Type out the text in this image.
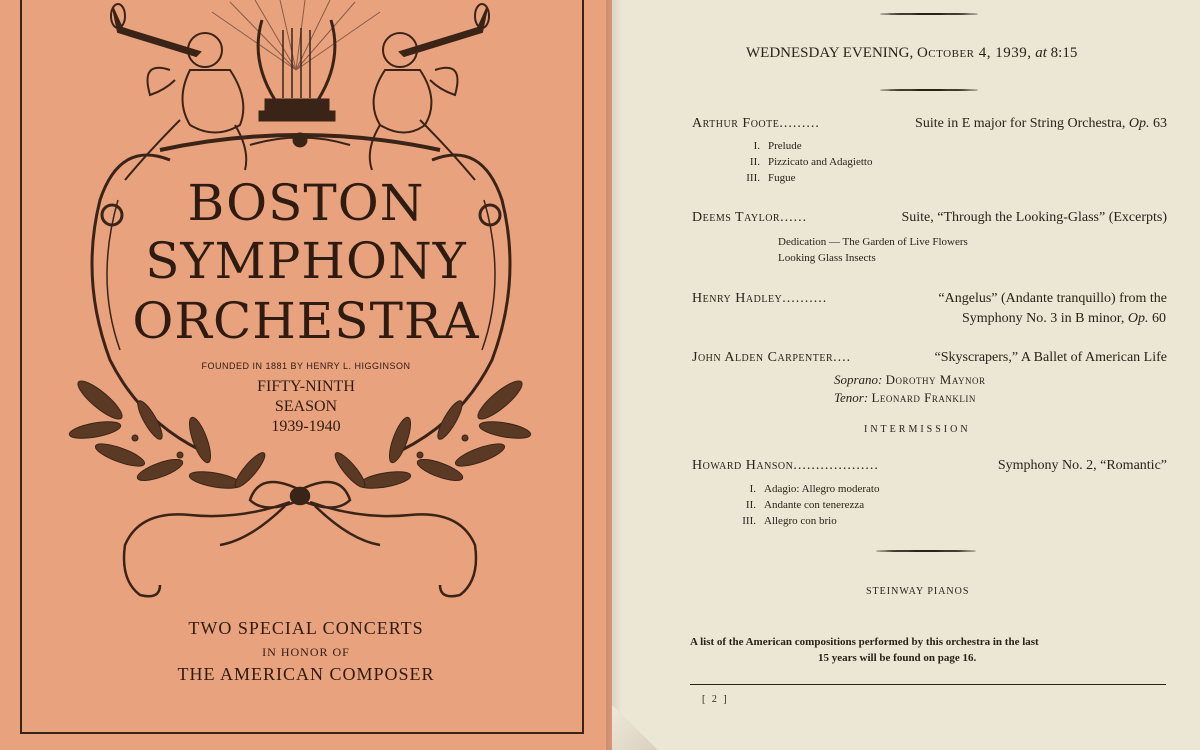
BOSTON
SYMPHONY
ORCHESTRA
FOUNDED IN 1881 BY HENRY L. HIGGINSON
FIFTY-NINTH
SEASON
1939-1940
TWO SPECIAL CONCERTS
IN HONOR OF
THE AMERICAN COMPOSER
WEDNESDAY EVENING, October 4, 1939, at 8:15
Arthur Foote .........	Suite in E major for String Orchestra, Op. 63
I. Prelude
II. Pizzicato and Adagietto
III. Fugue
Deems Taylor ......	Suite, “Through the Looking-Glass” (Excerpts)
Dedication — The Garden of Live Flowers
Looking Glass Insects
Henry Hadley ..........	“Angelus” (Andante tranquillo) from the
Symphony No. 3 in B minor, Op. 60
John Alden Carpenter ....	“Skyscrapers,” A Ballet of American Life
Soprano: Dorothy Maynor
Tenor: Leonard Franklin
INTERMISSION
Howard Hanson ...................	Symphony No. 2, “Romantic”
I. Adagio: Allegro moderato
II. Andante con tenerezza
III. Allegro con brio
STEINWAY PIANOS
A list of the American compositions performed by this orchestra in the last
15 years will be found on page 16.
[ 2 ]
